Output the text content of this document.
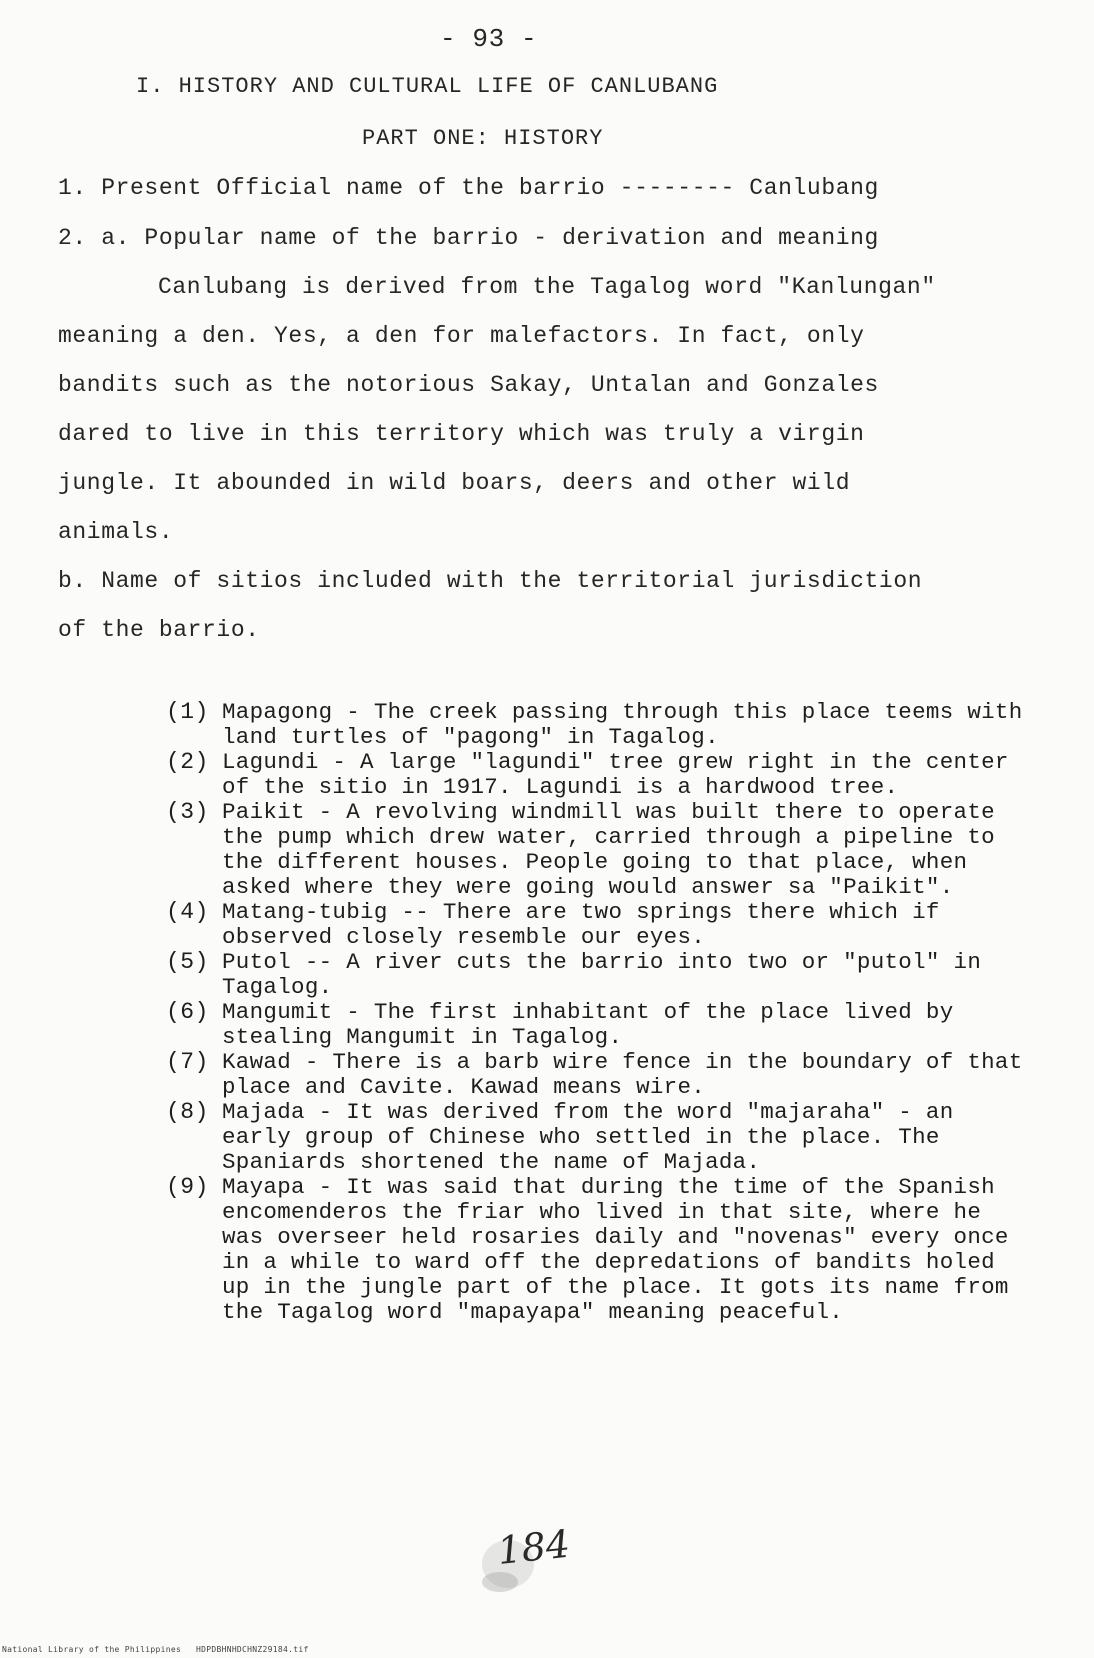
- 93 -
I. HISTORY AND CULTURAL LIFE OF CANLUBANG
PART ONE: HISTORY
1. Present Official name of the barrio -------- Canlubang
2. a. Popular name of the barrio - derivation and meaning
Canlubang is derived from the Tagalog word "Kanlungan"
meaning a den. Yes, a den for malefactors. In fact, only
bandits such as the notorious Sakay, Untalan and Gonzales
dared to live in this territory which was truly a virgin
jungle. It abounded in wild boars, deers and other wild
animals.
b. Name of sitios included with the territorial jurisdiction
of the barrio.
(1) Mapagong - The creek passing through this place teems with land turtles of "pagong" in Tagalog.
(2) Lagundi - A large "lagundi" tree grew right in the center of the sitio in 1917. Lagundi is a hardwood tree.
(3) Paikit - A revolving windmill was built there to operate the pump which drew water, carried through a pipeline to the different houses. People going to that place, when asked where they were going would answer sa "Paikit".
(4) Matang-tubig -- There are two springs there which if observed closely resemble our eyes.
(5) Putol -- A river cuts the barrio into two or "putol" in Tagalog.
(6) Mangumit - The first inhabitant of the place lived by stealing Mangumit in Tagalog.
(7) Kawad - There is a barb wire fence in the boundary of that place and Cavite. Kawad means wire.
(8) Majada - It was derived from the word "majaraha" - an early group of Chinese who settled in the place. The Spaniards shortened the name of Majada.
(9) Mayapa - It was said that during the time of the Spanish encomenderos the friar who lived in that site, where he was overseer held rosaries daily and "novenas" every once in a while to ward off the depredations of bandits holed up in the jungle part of the place. It gots its name from the Tagalog word "mapayapa" meaning peaceful.
184
National Library of the Philippines HDPDBHNHDCHNZ29184.tif
